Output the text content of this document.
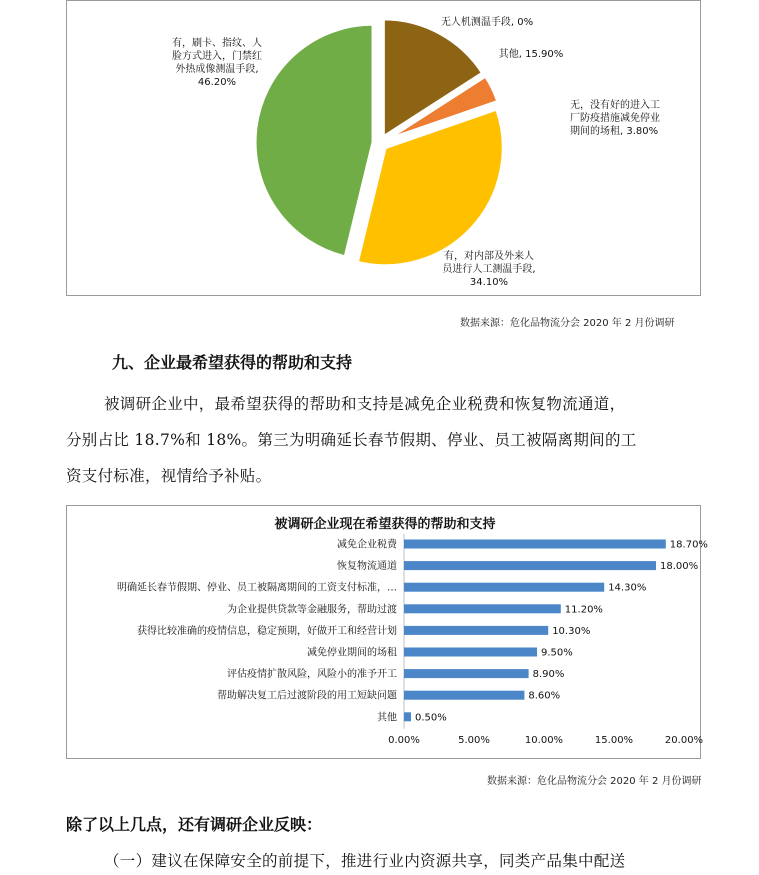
无人机测温手段, 0%
其他, 15.90%
无，没有好的进入工厂防疫措施减免停业期间的场租, 3.80%
有，对内部及外来人员进行人工测温手段, 34.10%
有，刷卡、指纹、人脸方式进入，门禁红外热成像测温手段, 46.20%
数据来源：危化品物流分会 2020 年 2 月份调研
九、企业最希望获得的帮助和支持
被调研企业中，最希望获得的帮助和支持是减免企业税费和恢复物流通道，
分别占比 18.7%和 18%。第三为明确延长春节假期、停业、员工被隔离期间的工
资支付标准，视情给予补贴。
被调研企业现在希望获得的帮助和支持
减免企业税费	18.70%
恢复物流通道	18.00%
明确延长春节假期、停业、员工被隔离期间的工资支付标准，…	14.30%
为企业提供贷款等金融服务，帮助过渡	11.20%
获得比较准确的疫情信息，稳定预期，好做开工和经营计划	10.30%
减免停业期间的场租	9.50%
评估疫情扩散风险，风险小的准予开工	8.90%
帮助解决复工后过渡阶段的用工短缺问题	8.60%
其他 0.50%
0.00%	5.00%	10.00%	15.00%	20.00%
数据来源：危化品物流分会 2020 年 2 月份调研
除了以上几点，还有调研企业反映：
（一）建议在保障安全的前提下，推进行业内资源共享，同类产品集中配送
